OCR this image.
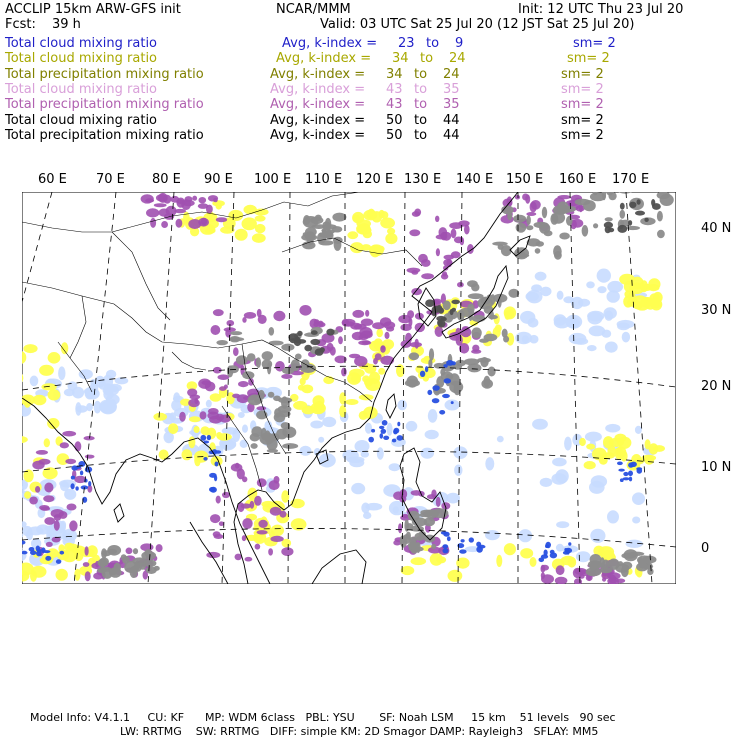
ACCLIP 15km ARW-GFS init	NCAR/MMM	Init: 12 UTC Thu 23 Jul 20
Fcst: 39 h	Valid: 03 UTC Sat 25 Jul 20 (12 JST Sat 25 Jul 20)
Total cloud mixing ratio	Avg, k-index = 23 to 9	sm= 2
Total cloud mixing ratio	Avg, k-index = 34 to 24	sm= 2
Total precipitation mixing ratio	Avg, k-index = 34 to 24	sm= 2
Total cloud mixing ratio	Avg, k-index = 43 to 35	sm= 2
Total precipitation mixing ratio	Avg, k-index = 43 to 35	sm= 2
Total cloud mixing ratio	Avg, k-index = 50 to 44	sm= 2
Total precipitation mixing ratio	Avg, k-index = 50 to 44	sm= 2
60 E 70 E 80 E 90 E 100 E 110 E 120 E 130 E 140 E 150 E 160 E 170 E
40 N
30 N
20 N
10 N
0
Model Info: V4.1.1     CU: KF      MP: WDM 6class   PBL: YSU       SF: Noah LSM     15 km    51 levels   90 sec
LW: RRTMG    SW: RRTMG   DIFF: simple KM: 2D Smagor DAMP: Rayleigh3   SFLAY: MM5
